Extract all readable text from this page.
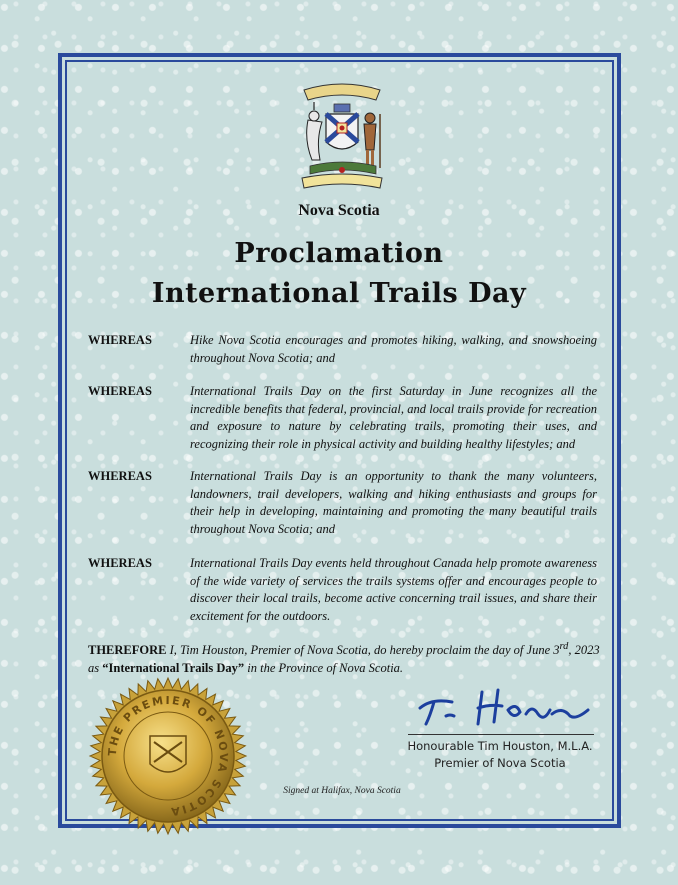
Nova Scotia
Proclamation
International Trails Day
WHEREAS	Hike Nova Scotia encourages and promotes hiking, walking, and snowshoeing throughout Nova Scotia; and

WHEREAS	International Trails Day on the first Saturday in June recognizes all the incredible benefits that federal, provincial, and local trails provide for recreation and exposure to nature by celebrating trails, promoting their uses, and recognizing their role in physical activity and building healthy lifestyles; and

WHEREAS	International Trails Day is an opportunity to thank the many volunteers, landowners, trail developers, walking and hiking enthusiasts and groups for their help in developing, maintaining and promoting the many beautiful trails throughout Nova Scotia; and

WHEREAS	International Trails Day events held throughout Canada help promote awareness of the wide variety of services the trails systems offer and encourages people to discover their local trails, become active concerning trail issues, and share their excitement for the outdoors.

THEREFORE I, Tim Houston, Premier of Nova Scotia, do hereby proclaim the day of June 3rd, 2023 as “International Trails Day” in the Province of Nova Scotia.

THE PREMIER OF NOVA SCOTIA
Honourable Tim Houston, M.L.A.
Premier of Nova Scotia
Signed at Halifax, Nova Scotia
